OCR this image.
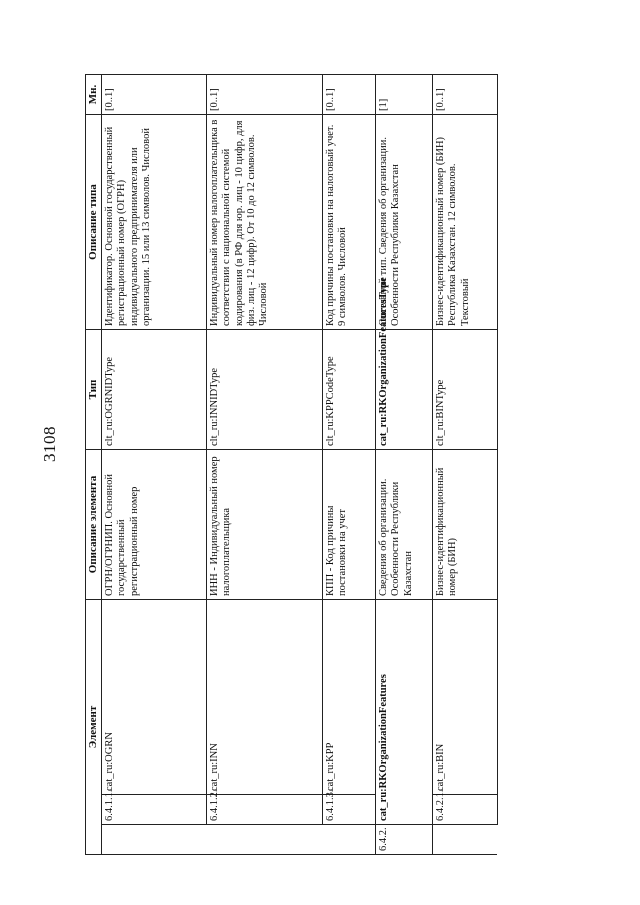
3108
Элемент			Описание элемента	Тип	Описание типа	Мн.
	6.4.1.1.	cat_ru:OGRN	ОГРН/ОГРНИП. Основной государственный регистрационный номер	clt_ru:OGRNIDType	Идентификатор. Основной государственный регистрационный номер (ОГРН) индивидуального предпринимателя или организации. 15 или 13 символов. Числовой	[0..1]
	6.4.1.2.	cat_ru:INN	ИНН - Индивидуальный номер налогоплательщика	clt_ru:INNIDType	Индивидуальный номер налогоплательщика в соответствии с национальной системой кодирования (в РФ для юр. лиц - 10 цифр, для физ. лиц - 12 цифр). От 10 до 12 символов. Числовой	[0..1]
	6.4.1.3.	cat_ru:KPP	КПП - Код причины постановки на учет	clt_ru:KPPCodeType	Код причины постановки на налоговый учет. 9 символов. Числовой	[0..1]
6.4.2.	cat_ru:RKOrganizationFeatures		Сведения об организации. Особенности Республики Казахстан	cat_ru:RKOrganizationFeaturesType	Составной тип. Сведения об организации. Особенности Республики Казахстан	[1]
	6.4.2.1.	cat_ru:BIN	Бизнес-идентификационный номер (БИН)	clt_ru:BINType	Бизнес-идентификационный номер (БИН) Республика Казахстан. 12 символов. Текстовый	[0..1]
